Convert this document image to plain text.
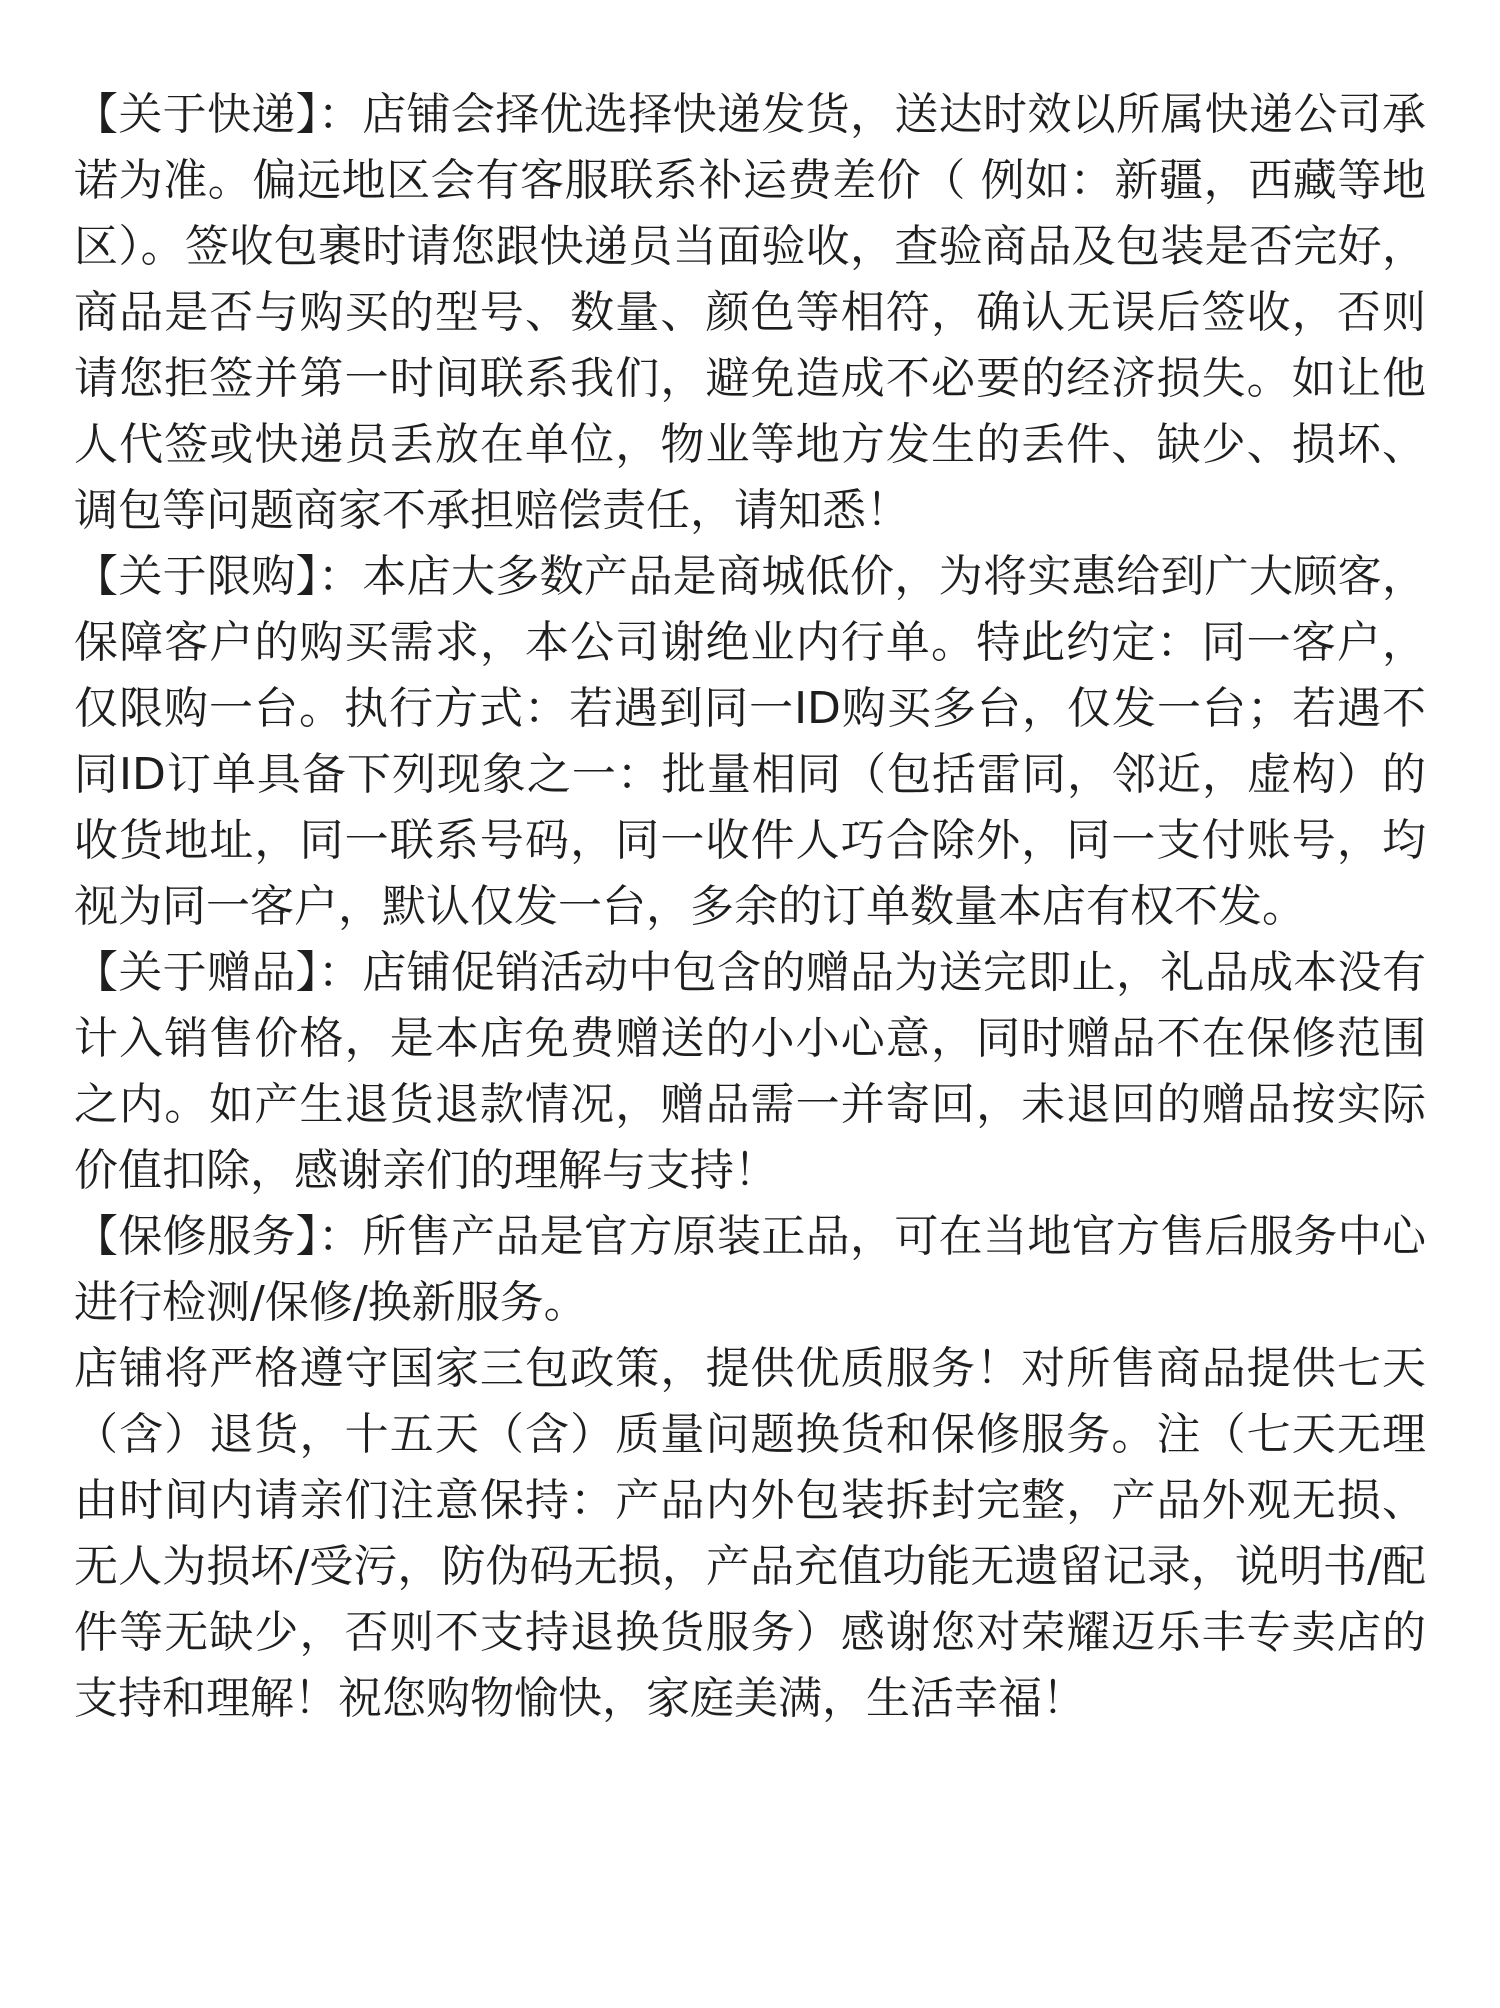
【关于快递】：店铺会择优选择快递发货，送达时效以所属快递公司承诺为准。偏远地区会有客服联系补运费差价（ 例如：新疆，西藏等地区）。签收包裹时请您跟快递员当面验收，查验商品及包装是否完好，商品是否与购买的型号、数量、颜色等相符，确认无误后签收，否则请您拒签并第一时间联系我们，避免造成不必要的经济损失。如让他人代签或快递员丢放在单位，物业等地方发生的丢件、缺少、损坏、调包等问题商家不承担赔偿责任，请知悉！

【关于限购】：本店大多数产品是商城低价，为将实惠给到广大顾客，保障客户的购买需求，本公司谢绝业内行单。特此约定：同一客户，仅限购一台。执行方式：若遇到同一ID购买多台，仅发一台；若遇不同ID订单具备下列现象之一：批量相同（包括雷同，邻近，虚构）的收货地址，同一联系号码，同一收件人巧合除外，同一支付账号，均视为同一客户，默认仅发一台，多余的订单数量本店有权不发。

【关于赠品】：店铺促销活动中包含的赠品为送完即止，礼品成本没有计入销售价格，是本店免费赠送的小小心意，同时赠品不在保修范围之内。如产生退货退款情况，赠品需一并寄回，未退回的赠品按实际价值扣除，感谢亲们的理解与支持！

【保修服务】：所售产品是官方原装正品，可在当地官方售后服务中心进行检测/保修/换新服务。

店铺将严格遵守国家三包政策，提供优质服务！对所售商品提供七天（含）退货，十五天（含）质量问题换货和保修服务。注（七天无理由时间内请亲们注意保持：产品内外包装拆封完整，产品外观无损、无人为损坏/受污，防伪码无损，产品充值功能无遗留记录，说明书/配件等无缺少，否则不支持退换货服务）感谢您对荣耀迈乐丰专卖店的支持和理解！祝您购物愉快，家庭美满，生活幸福！
